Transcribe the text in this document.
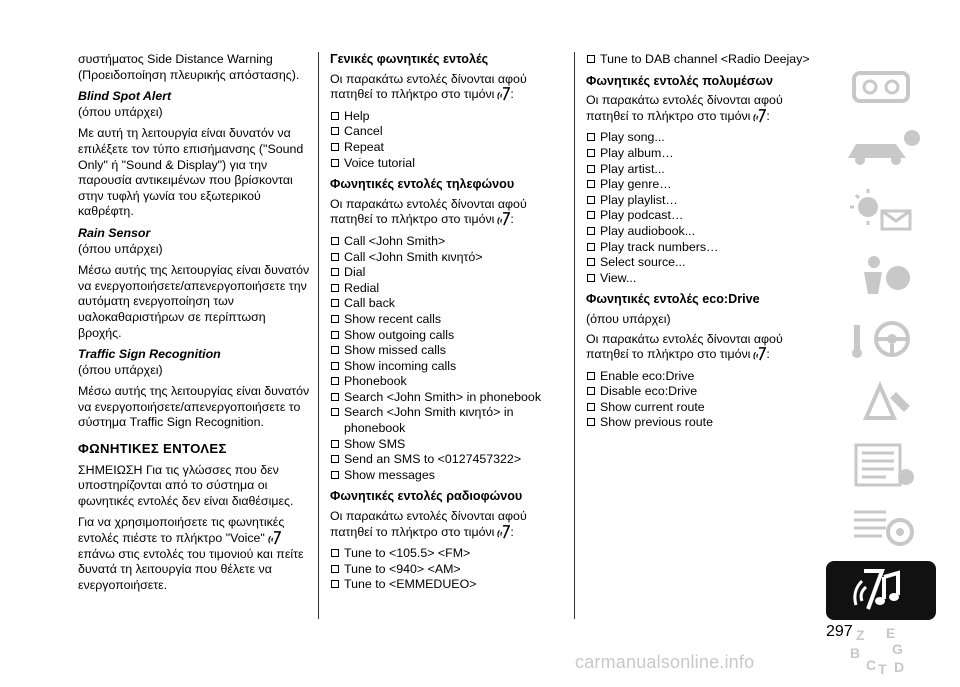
συστήματος Side Distance Warning (Προειδοποίηση πλευρικής απόστασης).

Blind Spot Alert

(όπου υπάρχει)

Με αυτή τη λειτουργία είναι δυνατόν να επιλέξετε τον τύπο επισήμανσης ("Sound Only" ή "Sound & Display") για την παρουσία αντικειμένων που βρίσκονται στην τυφλή γωνία του εξωτερικού καθρέφτη.

Rain Sensor

(όπου υπάρχει)

Μέσω αυτής της λειτουργίας είναι δυνατόν να ενεργοποιήσετε/απενεργοποιήσετε την αυτόματη ενεργοποίηση των υαλοκαθαριστήρων σε περίπτωση βροχής.

Traffic Sign Recognition

(όπου υπάρχει)

Μέσω αυτής της λειτουργίας είναι δυνατόν να ενεργοποιήσετε/απενεργοποιήσετε το σύστημα Traffic Sign Recognition.

ΦΩΝΗΤΙΚΕΣ ΕΝΤΟΛΕΣ

ΣΗΜΕΙΩΣΗ Για τις γλώσσες που δεν υποστηρίζονται από το σύστημα οι φωνητικές εντολές δεν είναι διαθέσιμες.

Για να χρησιμοποιήσετε τις φωνητικές εντολές πιέστε το πλήκτρο "Voice" επάνω στις εντολές του τιμονιού και πείτε δυνατά τη λειτουργία που θέλετε να ενεργοποιήσετε.

Γενικές φωνητικές εντολές

Οι παρακάτω εντολές δίνονται αφού πατηθεί το πλήκτρο στο τιμόνι :

Help
Cancel
Repeat
Voice tutorial
Φωνητικές εντολές τηλεφώνου

Οι παρακάτω εντολές δίνονται αφού πατηθεί το πλήκτρο στο τιμόνι :

Call <John Smith>
Call <John Smith κινητό>
Dial
Redial
Call back
Show recent calls
Show outgoing calls
Show missed calls
Show incoming calls
Phonebook
Search <John Smith> in phonebook
Search <John Smith κινητό> in phonebook
Show SMS
Send an SMS to <0127457322>
Show messages
Φωνητικές εντολές ραδιοφώνου

Οι παρακάτω εντολές δίνονται αφού πατηθεί το πλήκτρο στο τιμόνι :

Tune to <105.5> <FM>
Tune to <940> <AM>
Tune to <EMMEDUEO>
Tune to DAB channel <Radio Deejay>
Φωνητικές εντολές πολυμέσων

Οι παρακάτω εντολές δίνονται αφού πατηθεί το πλήκτρο στο τιμόνι :

Play song...
Play album…
Play artist...
Play genre…
Play playlist…
Play podcast…
Play audiobook...
Play track numbers…
Select source...
View...
Φωνητικές εντολές eco:Drive

(όπου υπάρχει)

Οι παρακάτω εντολές δίνονται αφού πατηθεί το πλήκτρο στο τιμόνι :

Enable eco:Drive
Disable eco:Drive
Show current route
Show previous route
Z E
B G
C T D
297
carmanualsonline.info
